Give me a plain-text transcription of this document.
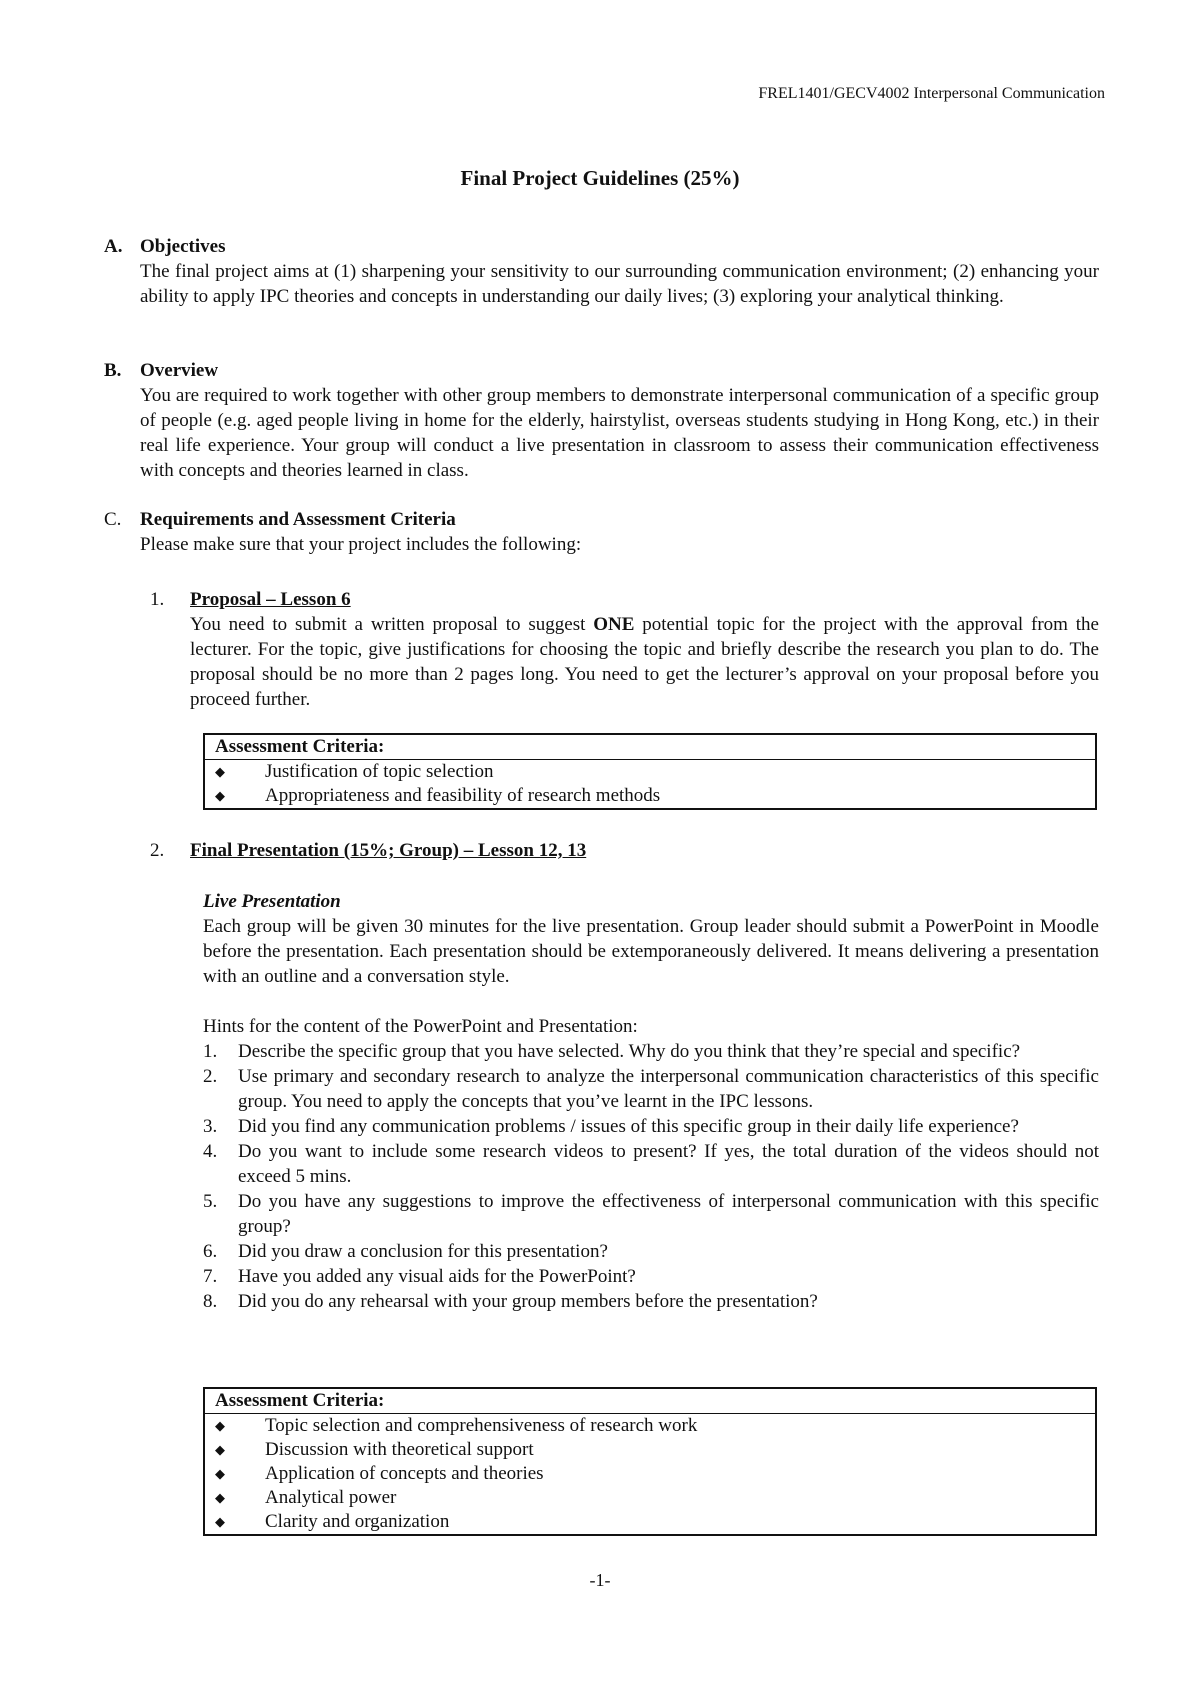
FREL1401/GECV4002 Interpersonal Communication
Final Project Guidelines (25%)
A. Objectives
The final project aims at (1) sharpening your sensitivity to our surrounding communication environment; (2) enhancing your ability to apply IPC theories and concepts in understanding our daily lives; (3) exploring your analytical thinking.
B. Overview
You are required to work together with other group members to demonstrate interpersonal communication of a specific group of people (e.g. aged people living in home for the elderly, hairstylist, overseas students studying in Hong Kong, etc.) in their real life experience. Your group will conduct a live presentation in classroom to assess their communication effectiveness with concepts and theories learned in class.
C. Requirements and Assessment Criteria
Please make sure that your project includes the following:
1.	Proposal – Lesson 6
You need to submit a written proposal to suggest ONE potential topic for the project with the approval from the lecturer. For the topic, give justifications for choosing the topic and briefly describe the research you plan to do. The proposal should be no more than 2 pages long. You need to get the lecturer’s approval on your proposal before you proceed further.
Assessment Criteria:
◆	Justification of topic selection
◆	Appropriateness and feasibility of research methods
2.	Final Presentation (15%; Group) – Lesson 12, 13
Live Presentation
Each group will be given 30 minutes for the live presentation. Group leader should submit a PowerPoint in Moodle before the presentation. Each presentation should be extemporaneously delivered. It means delivering a presentation with an outline and a conversation style.
Hints for the content of the PowerPoint and Presentation:
1.	Describe the specific group that you have selected. Why do you think that they’re special and specific?
2.	Use primary and secondary research to analyze the interpersonal communication characteristics of this specific group. You need to apply the concepts that you’ve learnt in the IPC lessons.
3.	Did you find any communication problems / issues of this specific group in their daily life experience?
4.	Do you want to include some research videos to present? If yes, the total duration of the videos should not exceed 5 mins.
5.	Do you have any suggestions to improve the effectiveness of interpersonal communication with this specific group?
6.	Did you draw a conclusion for this presentation?
7.	Have you added any visual aids for the PowerPoint?
8.	Did you do any rehearsal with your group members before the presentation?
Assessment Criteria:
◆	Topic selection and comprehensiveness of research work
◆	Discussion with theoretical support
◆	Application of concepts and theories
◆	Analytical power
◆	Clarity and organization
-1-
